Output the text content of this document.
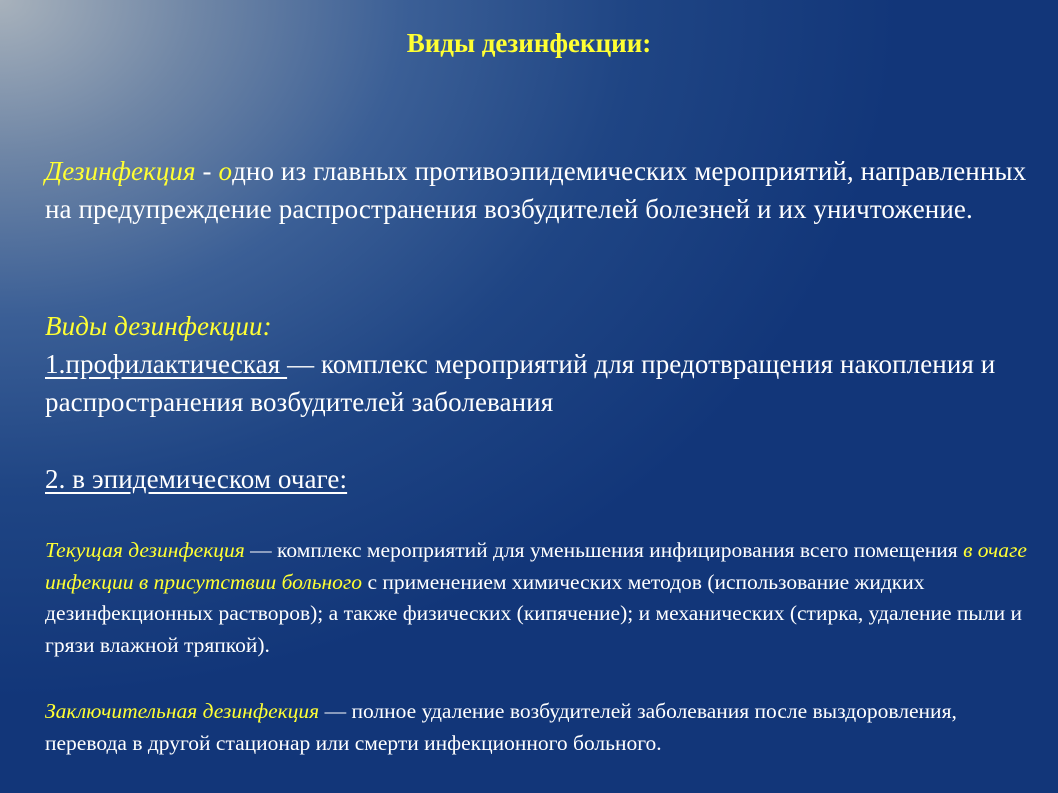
Виды дезинфекции:
Дезинфекция - одно из главных противоэпидемических мероприятий, направленных на предупреждение распространения возбудителей болезней и их уничтожение.
Виды дезинфекции:
1.профилактическая — комплекс мероприятий для предотвращения накопления и распространения возбудителей заболевания
2. в эпидемическом очаге:
Текущая дезинфекция — комплекс мероприятий для уменьшения инфицирования всего помещения в очаге инфекции в присутствии больного с применением химических методов (использование жидких дезинфекционных растворов); а также физических (кипячение); и механических (стирка, удаление пыли и грязи влажной тряпкой).
Заключительная дезинфекция — полное удаление возбудителей заболевания после выздоровления, перевода в другой стационар или смерти инфекционного больного.
